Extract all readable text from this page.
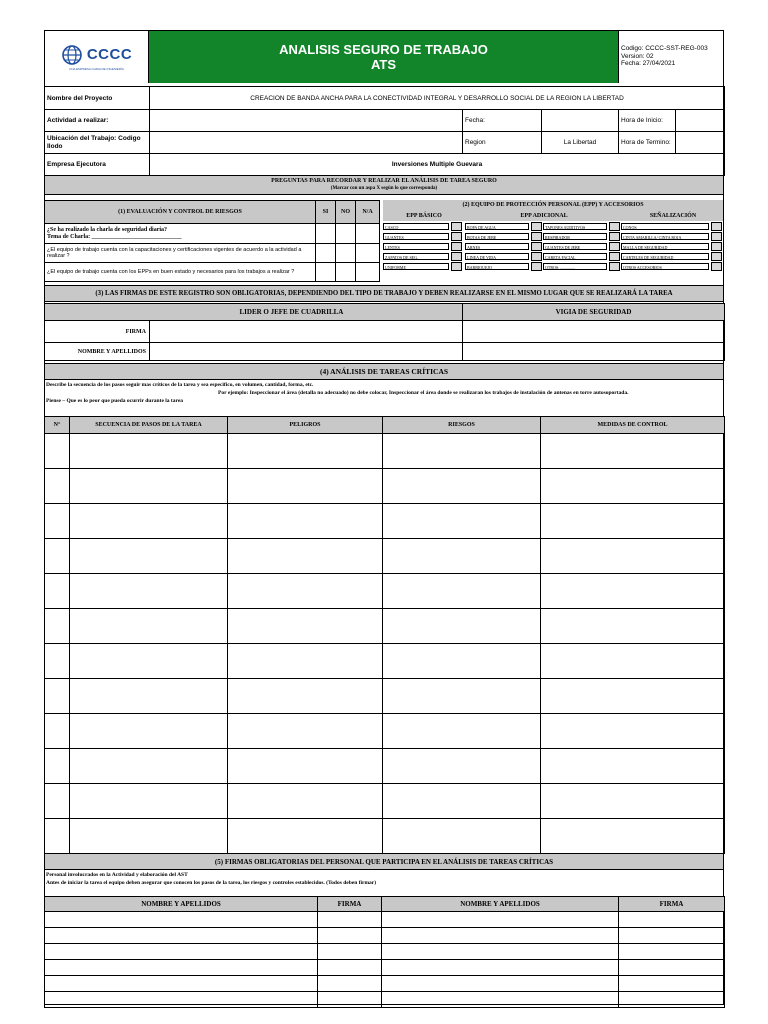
CCCC
UNA EMPRESA CHINA DE INGENIERÍA
ANALISIS SEGURO DE TRABAJO
ATS
Codigo: CCCC-SST-REG-003
Version: 02
Fecha: 27/04/2021
Nombre del Proyecto	CREACION DE BANDA ANCHA PARA LA CONECTIVIDAD INTEGRAL Y DESARROLLO SOCIAL DE LA REGION LA LIBERTAD				
Actividad a realizar:		Fecha:		Hora de Inicio:	
Ubicación del Trabajo: Codigo Ilodo		Region	La Libertad	Hora de Termino:	
Empresa Ejecutora	Inversiones Multiple Guevara				
PREGUNTAS PARA RECORDAR Y REALIZAR EL ANÁLISIS DE TAREA SEGURO
(Marcar con un aspa X según lo que corresponda)
(1) EVALUACIÓN Y CONTROL DE RIESGOS	SI	NO	N/A

¿Se ha realizado la charla de seguridad diaria?
Tema de Charla: ______________________________			

¿El equipo de trabajo cuenta con la capacitaciones y certificaciones vigentes de acuerdo a la actividad a realizar ?			
¿El equipo de trabajo cuenta con los EPPs en buen estado y necesarios para los trabajos a realizar ?			
(2) EQUIPO DE PROTECCIÓN PERSONAL (EPP) Y ACCESORIOS
EPP BÁSICO	EPP ADICIONAL	SEÑALIZACIÓN
CASCO
GUANTES
LENTES
ZAPATOS DE SEG.
UNIFORME
ROPA DE AGUA
BOTAS DE JEBE
ARNES
LINEA DE VIDA
BARBIQUEJO
TAPONES AUDITIVOS
RESPIRADOR
GUANTES DE JEBE
CARETA FACIAL
OTROS: ...............
CONOS
CINTA AMARILLA/ CINTA ROJA
MALLA DE SEGURIDAD
CARTELES DE SEGURIDAD
OTROS ACCESORIOS
(3) LAS FIRMAS DE ESTE REGISTRO SON OBLIGATORIAS, DEPENDIENDO DEL TIPO DE TRABAJO Y DEBEN REALIZARSE EN EL MISMO LUGAR QUE SE REALIZARÁ LA TAREA
	LIDER O JEFE DE CUADRILLA	VIGIA DE SEGURIDAD
FIRMA		
NOMBRE Y APELLIDOS		
(4) ANÁLISIS DE TAREAS CRÍTICAS
Describe la secuencia de los pasos seguir mas críticos de la tarea y sea especifico, en volumen, cantidad, forma, etc.
Por ejemplo: Inspeccionar el área (detalla no adecuado) no debe colocar, Inspeccionar el área donde se realizaran los trabajos de instalación de antenas en torre autosoportada.
Piense – Que es lo peor que pueda ocurrir durante la tarea
N°	SECUENCIA DE PASOS DE LA TAREA	PELIGROS	RIESGOS	MEDIDAS DE CONTROL

(5) FIRMAS OBLIGATORIAS DEL PERSONAL QUE PARTICIPA EN EL ANÁLISIS DE TAREAS CRÍTICAS
Personal involucrados en la Actividad y elaboración del AST
Antes de iniciar la tarea el equipo deben asegurar que conocen los pasos de la tarea, los riesgos y controles establecidos. (Todos deben firmar)
NOMBRE Y APELLIDOS	FIRMA	NOMBRE Y APELLIDOS	FIRMA
